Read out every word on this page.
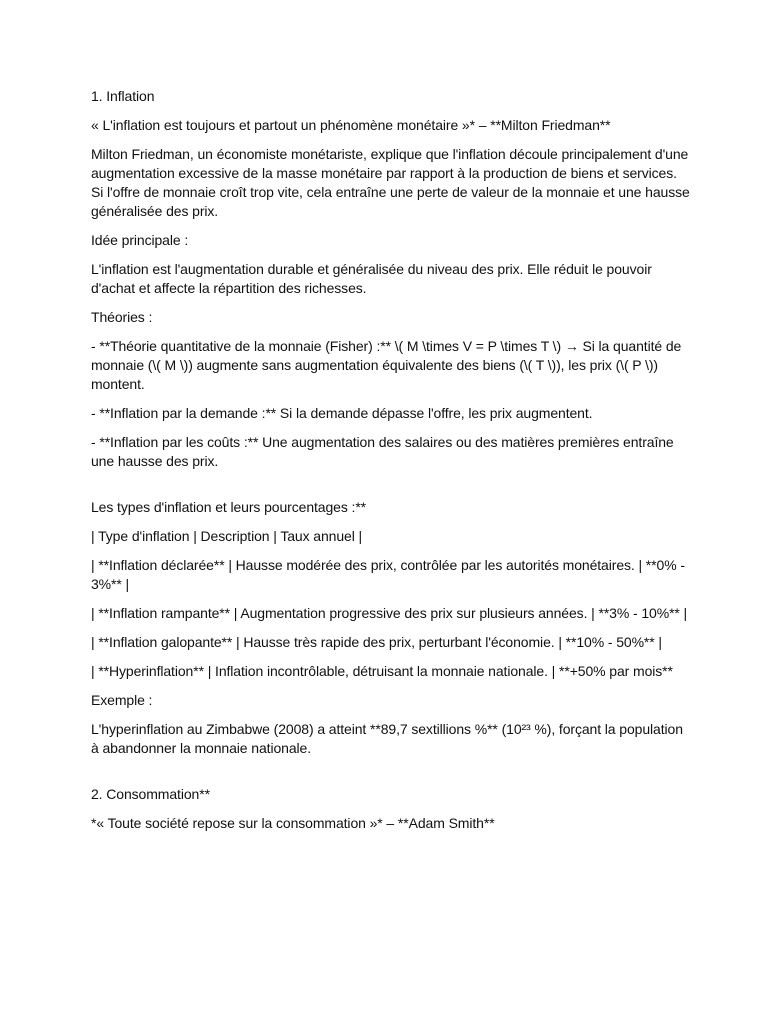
1. Inflation

« L'inflation est toujours et partout un phénomène monétaire »* – **Milton Friedman**

Milton Friedman, un économiste monétariste, explique que l'inflation découle principalement d'une augmentation excessive de la masse monétaire par rapport à la production de biens et services. Si l'offre de monnaie croît trop vite, cela entraîne une perte de valeur de la monnaie et une hausse généralisée des prix.

Idée principale :

L'inflation est l'augmentation durable et généralisée du niveau des prix. Elle réduit le pouvoir d'achat et affecte la répartition des richesses.

Théories :

- **Théorie quantitative de la monnaie (Fisher) :** \( M \times V = P \times T \) → Si la quantité de monnaie (\( M \)) augmente sans augmentation équivalente des biens (\( T \)), les prix (\( P \)) montent.

- **Inflation par la demande :** Si la demande dépasse l'offre, les prix augmentent.

- **Inflation par les coûts :** Une augmentation des salaires ou des matières premières entraîne une hausse des prix.

Les types d'inflation et leurs pourcentages :**

| Type d'inflation | Description | Taux annuel |

| **Inflation déclarée** | Hausse modérée des prix, contrôlée par les autorités monétaires. | **0% - 3%** |

| **Inflation rampante** | Augmentation progressive des prix sur plusieurs années. | **3% - 10%** |

| **Inflation galopante** | Hausse très rapide des prix, perturbant l'économie. | **10% - 50%** |

| **Hyperinflation** | Inflation incontrôlable, détruisant la monnaie nationale. | **+50% par mois**

Exemple :

L'hyperinflation au Zimbabwe (2008) a atteint **89,7 sextillions %** (10²³ %), forçant la population à abandonner la monnaie nationale.

2. Consommation**

*« Toute société repose sur la consommation »* – **Adam Smith**
